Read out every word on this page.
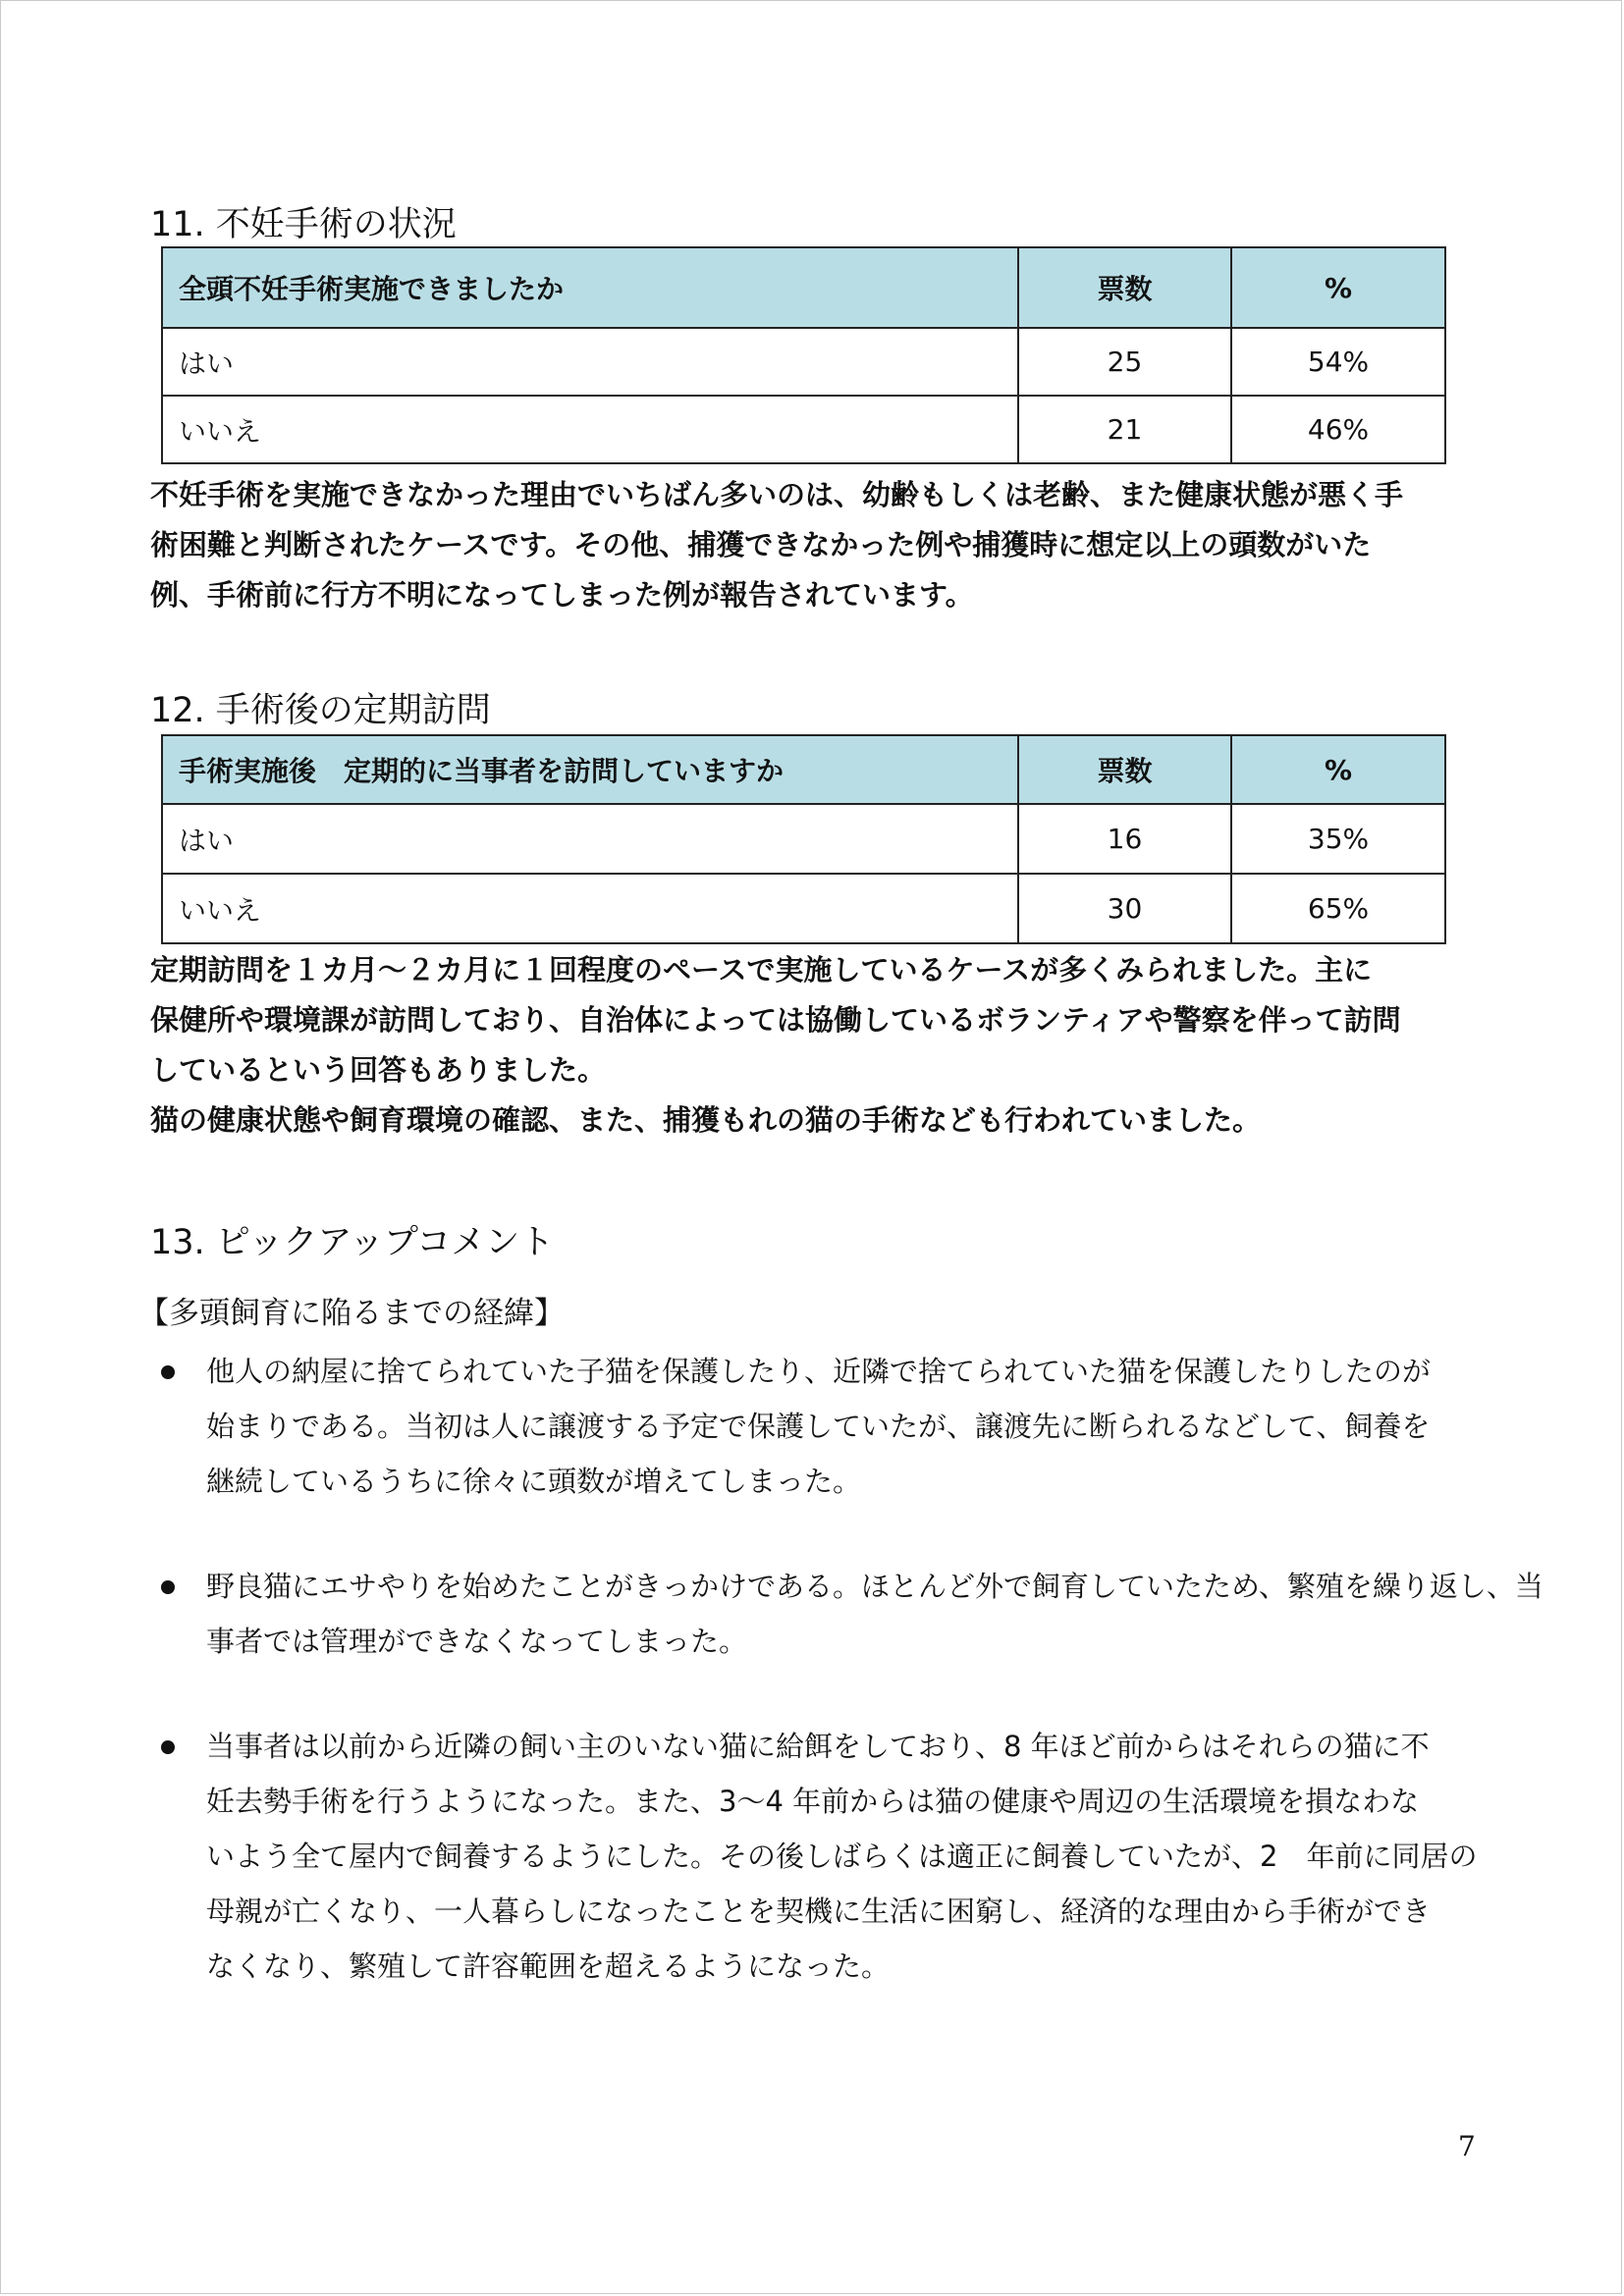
11. 不妊手術の状況
全頭不妊手術実施できましたか	票数	%
はい	25	54%
いいえ	21	46%
不妊手術を実施できなかった理由でいちばん多いのは、幼齢もしくは老齢、また健康状態が悪く手
術困難と判断されたケースです。その他、捕獲できなかった例や捕獲時に想定以上の頭数がいた
例、手術前に行方不明になってしまった例が報告されています。
12. 手術後の定期訪問
手術実施後　定期的に当事者を訪問していますか	票数	%
はい	16	35%
いいえ	30	65%
定期訪問を１カ月～２カ月に１回程度のペースで実施しているケースが多くみられました。主に
保健所や環境課が訪問しており、自治体によっては協働しているボランティアや警察を伴って訪問
しているという回答もありました。
猫の健康状態や飼育環境の確認、また、捕獲もれの猫の手術なども行われていました。
13. ピックアップコメント
【多頭飼育に陥るまでの経緯】
他人の納屋に捨てられていた子猫を保護したり、近隣で捨てられていた猫を保護したりしたのが
始まりである。当初は人に譲渡する予定で保護していたが、譲渡先に断られるなどして、飼養を
継続しているうちに徐々に頭数が増えてしまった。
野良猫にエサやりを始めたことがきっかけである。ほとんど外で飼育していたため、繁殖を繰り返し、当
事者では管理ができなくなってしまった。
当事者は以前から近隣の飼い主のいない猫に給餌をしており、8 年ほど前からはそれらの猫に不
妊去勢手術を行うようになった。また、3～4 年前からは猫の健康や周辺の生活環境を損なわな
いよう全て屋内で飼養するようにした。その後しばらくは適正に飼養していたが、2　年前に同居の
母親が亡くなり、一人暮らしになったことを契機に生活に困窮し、経済的な理由から手術ができ
なくなり、繁殖して許容範囲を超えるようになった。
7
